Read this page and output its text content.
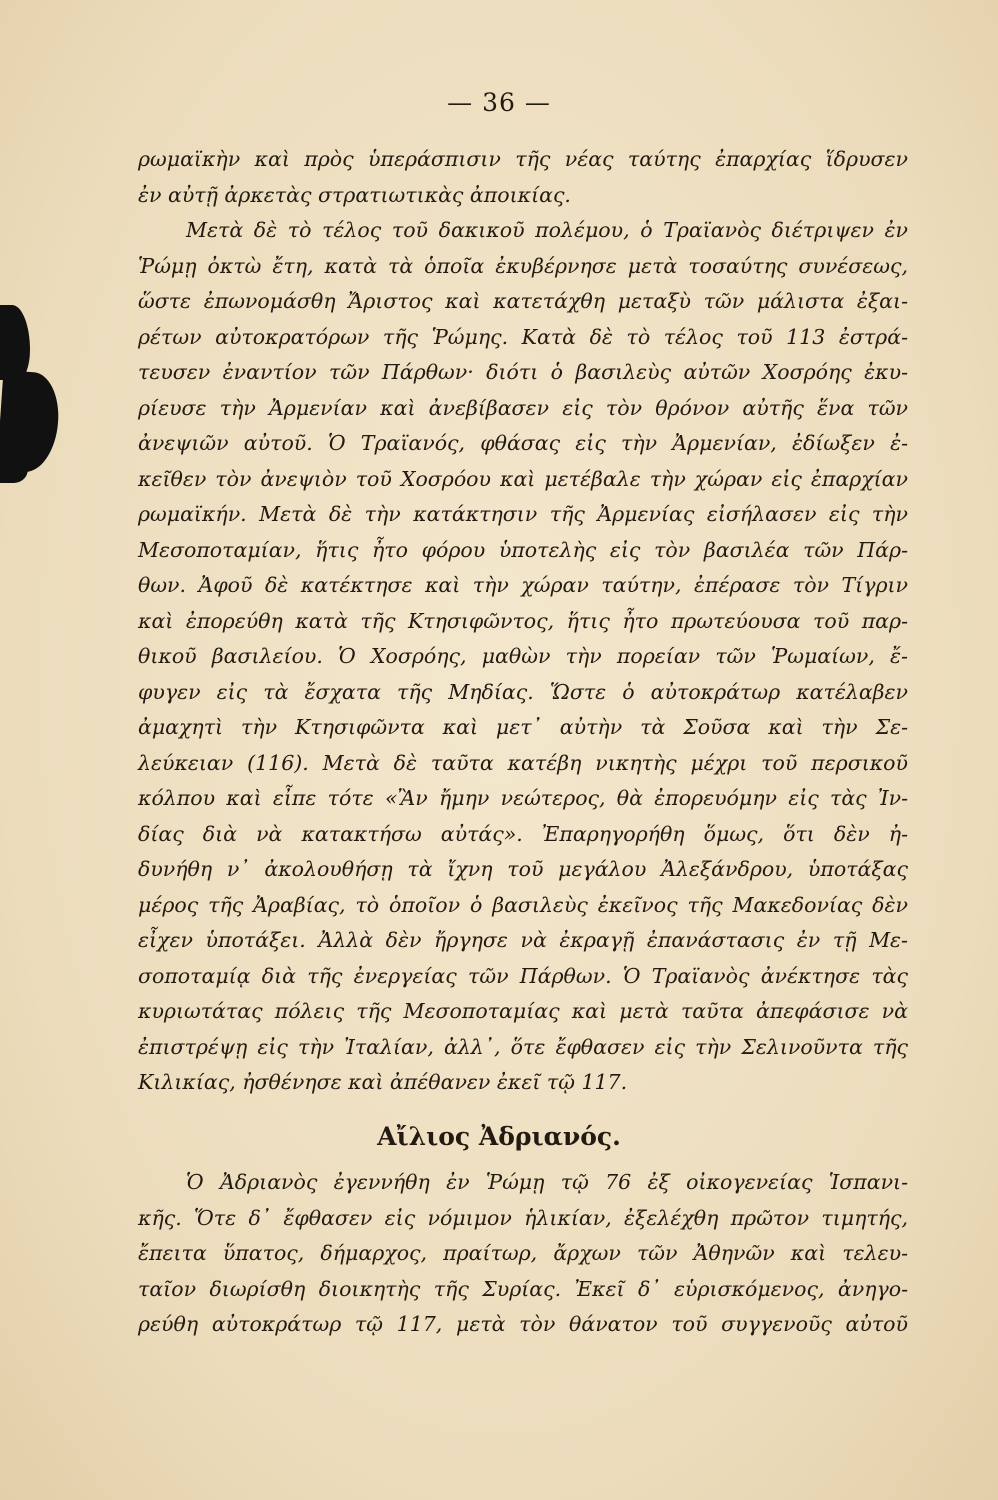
— 36 —
ρωμαϊκὴν καὶ πρὸς ὑπεράσπισιν τῆς νέας ταύτης ἐπαρχίας ἵδρυσεν
ἐν αὐτῇ ἀρκετὰς στρατιωτικὰς ἀποικίας.
Μετὰ δὲ τὸ τέλος τοῦ δακικοῦ πολέμου, ὁ Τραϊανὸς διέτριψεν ἐν
Ῥώμῃ ὀκτὼ ἔτη, κατὰ τὰ ὁποῖα ἐκυβέρνησε μετὰ τοσαύτης συνέσεως,
ὥστε ἐπωνομάσθη Ἄριστος καὶ κατετάχθη μεταξὺ τῶν μάλιστα ἐξαι-
ρέτων αὐτοκρατόρων τῆς Ῥώμης. Κατὰ δὲ τὸ τέλος τοῦ 113 ἐστρά-
τευσεν ἐναντίον τῶν Πάρθων· διότι ὁ βασιλεὺς αὐτῶν Χοσρόης ἐκυ-
ρίευσε τὴν Ἀρμενίαν καὶ ἀνεβίβασεν εἰς τὸν θρόνον αὐτῆς ἕνα τῶν
ἀνεψιῶν αὐτοῦ. Ὁ Τραϊανός, φθάσας εἰς τὴν Ἀρμενίαν, ἐδίωξεν ἐ-
κεῖθεν τὸν ἀνεψιὸν τοῦ Χοσρόου καὶ μετέβαλε τὴν χώραν εἰς ἐπαρχίαν
ρωμαϊκήν. Μετὰ δὲ τὴν κατάκτησιν τῆς Ἀρμενίας εἰσήλασεν εἰς τὴν
Μεσοποταμίαν, ἥτις ἦτο φόρου ὑποτελὴς εἰς τὸν βασιλέα τῶν Πάρ-
θων. Ἀφοῦ δὲ κατέκτησε καὶ τὴν χώραν ταύτην, ἐπέρασε τὸν Τίγριν
καὶ ἐπορεύθη κατὰ τῆς Κτησιφῶντος, ἥτις ἦτο πρωτεύουσα τοῦ παρ-
θικοῦ βασιλείου. Ὁ Χοσρόης, μαθὼν τὴν πορείαν τῶν Ῥωμαίων, ἔ-
φυγεν εἰς τὰ ἔσχατα τῆς Μηδίας. Ὥστε ὁ αὐτοκράτωρ κατέλαβεν
ἀμαχητὶ τὴν Κτησιφῶντα καὶ μετ᾽ αὐτὴν τὰ Σοῦσα καὶ τὴν Σε-
λεύκειαν (116). Μετὰ δὲ ταῦτα κατέβη νικητὴς μέχρι τοῦ περσικοῦ
κόλπου καὶ εἶπε τότε «Ἂν ἤμην νεώτερος, θὰ ἐπορευόμην εἰς τὰς Ἰν-
δίας διὰ νὰ κατακτήσω αὐτάς». Ἐπαρηγορήθη ὅμως, ὅτι δὲν ἠ-
δυνήθη ν᾽ ἀκολουθήσῃ τὰ ἴχνη τοῦ μεγάλου Ἀλεξάνδρου, ὑποτάξας
μέρος τῆς Ἀραβίας, τὸ ὁποῖον ὁ βασιλεὺς ἐκεῖνος τῆς Μακεδονίας δὲν
εἶχεν ὑποτάξει. Ἀλλὰ δὲν ἤργησε νὰ ἐκραγῇ ἐπανάστασις ἐν τῇ Με-
σοποταμίᾳ διὰ τῆς ἐνεργείας τῶν Πάρθων. Ὁ Τραϊανὸς ἀνέκτησε τὰς
κυριωτάτας πόλεις τῆς Μεσοποταμίας καὶ μετὰ ταῦτα ἀπεφάσισε νὰ
ἐπιστρέψῃ εἰς τὴν Ἰταλίαν, ἀλλ᾽, ὅτε ἔφθασεν εἰς τὴν Σελινοῦντα τῆς
Κιλικίας, ἠσθένησε καὶ ἀπέθανεν ἐκεῖ τῷ 117.
Αἴλιος Ἀδριανός.
Ὁ Ἀδριανὸς ἐγεννήθη ἐν Ῥώμῃ τῷ 76 ἐξ οἰκογενείας Ἱσπανι-
κῆς. Ὅτε δ᾽ ἔφθασεν εἰς νόμιμον ἡλικίαν, ἐξελέχθη πρῶτον τιμητής,
ἔπειτα ὕπατος, δήμαρχος, πραίτωρ, ἄρχων τῶν Ἀθηνῶν καὶ τελευ-
ταῖον διωρίσθη διοικητὴς τῆς Συρίας. Ἐκεῖ δ᾽ εὑρισκόμενος, ἀνηγο-
ρεύθη αὐτοκράτωρ τῷ 117, μετὰ τὸν θάνατον τοῦ συγγενοῦς αὐτοῦ
